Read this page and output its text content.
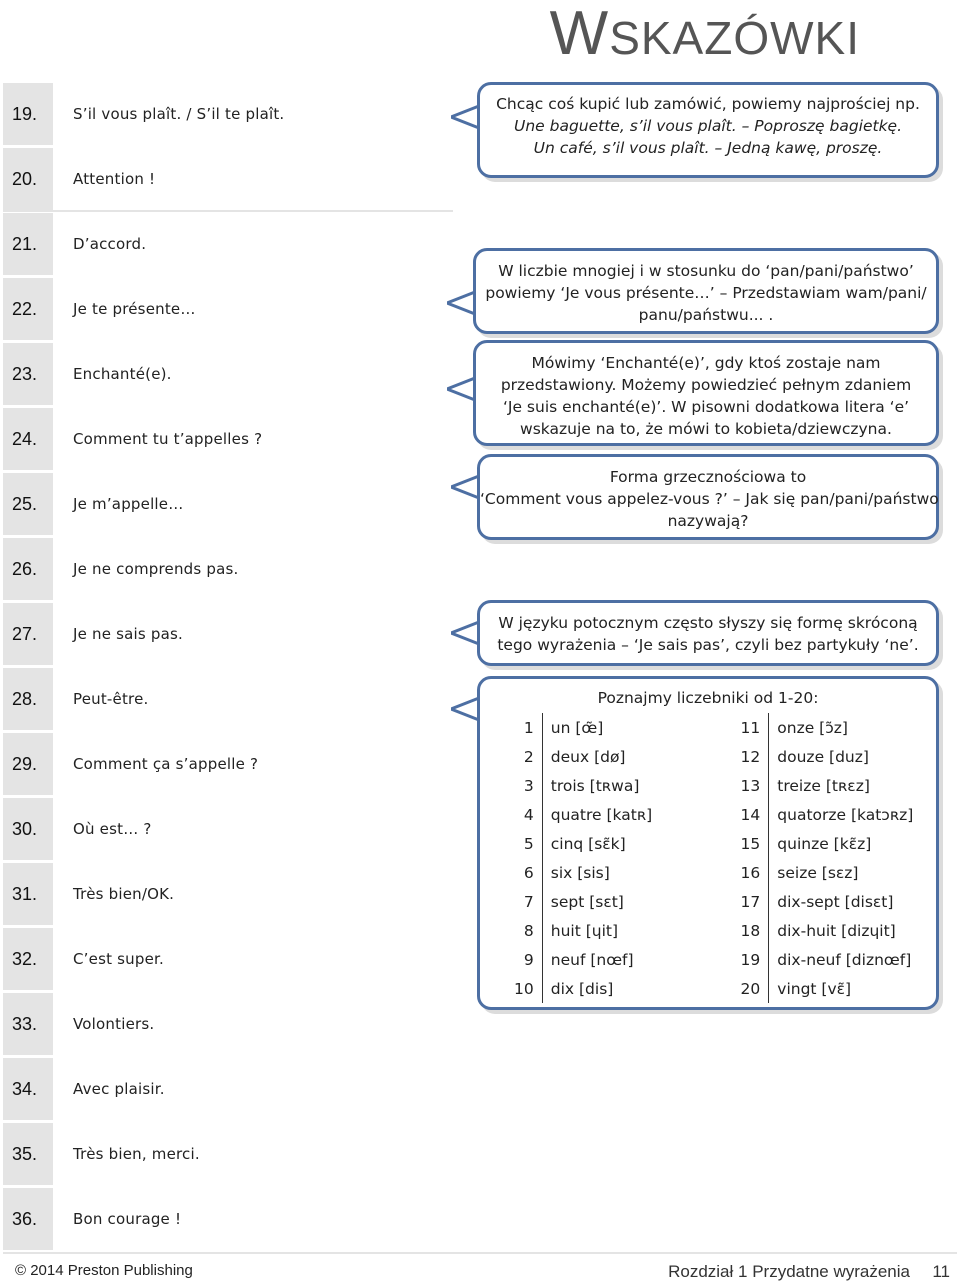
WSKAZÓWKI
19.	S’il vous plaît. / S’il te plaît.
20.	Attention !
21.	D’accord.
22.	Je te présente…
23.	Enchanté(e).
24.	Comment tu t’appelles ?
25.	Je m’appelle…
26.	Je ne comprends pas.
27.	Je ne sais pas.
28.	Peut-être.
29.	Comment ça s’appelle ?
30.	Où est… ?
31.	Très bien/OK.
32.	C’est super.
33.	Volontiers.
34.	Avec plaisir.
35.	Très bien, merci.
36.	Bon courage !
Chcąc coś kupić lub zamówić, powiemy najprościej np.
Une baguette, s’il vous plaît. – Poproszę bagietkę.
Un café, s’il vous plaît. – Jedną kawę, proszę.
W liczbie mnogiej i w stosunku do ‘pan/pani/państwo’
powiemy ‘Je vous présente…’ – Przedstawiam wam/pani/
panu/państwu... .
Mówimy ‘Enchanté(e)’, gdy ktoś zostaje nam
przedstawiony. Możemy powiedzieć pełnym zdaniem
‘Je suis enchanté(e)’. W pisowni dodatkowa litera ‘e’
wskazuje na to, że mówi to kobieta/dziewczyna.
Forma grzecznościowa to
‘Comment vous appelez-vous ?’ – Jak się pan/pani/państwo
nazywają?
W języku potocznym często słyszy się formę skróconą
tego wyrażenia – ‘Je sais pas’, czyli bez partykuły ‘ne’.
Poznajmy liczebniki od 1-20:
1	un [œ̃]	11	onze [ɔ̃z]
2	deux [dø]	12	douze [duz]
3	trois [tʀwa]	13	treize [tʀɛz]
4	quatre [katʀ]	14	quatorze [katɔʀz]
5	cinq [sɛ̃k]	15	quinze [kɛ̃z]
6	six [sis]	16	seize [sɛz]
7	sept [sɛt]	17	dix-sept [disɛt]
8	huit [ɥit]	18	dix-huit [dizɥit]
9	neuf [nœf]	19	dix-neuf [diznœf]
10	dix [dis]	20	vingt [vɛ̃]
© 2014 Preston Publishing	Rozdział 1 Przydatne wyrażenia 11
